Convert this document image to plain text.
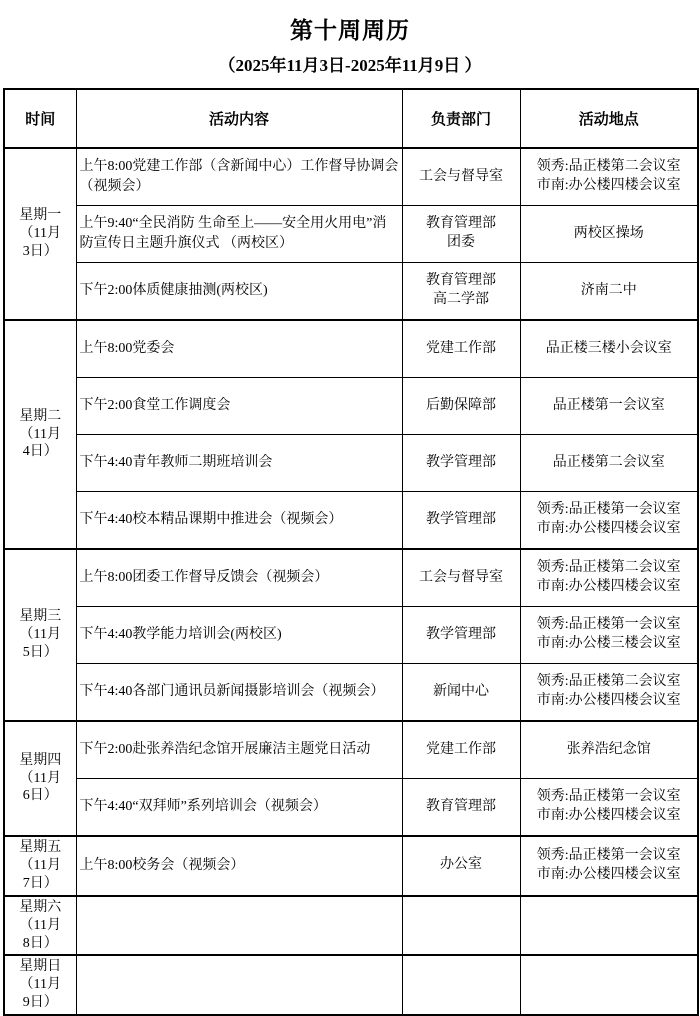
第十周周历
（2025年11月3日-2025年11月9日 ）
时间	活动内容	负责部门	活动地点

星期一
（11月
3日）	上午8:00党建工作部（含新闻中心）工作督导协调会（视频会）	工会与督导室	领秀:品正楼第二会议室
市南:办公楼四楼会议室

	上午9:40“全民消防 生命至上——安全用火用电”消防宣传日主题升旗仪式 （两校区）	教育管理部
团委	两校区操场

	下午2:00体质健康抽测(两校区)	教育管理部
高二学部	济南二中

星期二
（11月
4日）	上午8:00党委会	党建工作部	品正楼三楼小会议室

	下午2:00食堂工作调度会	后勤保障部	品正楼第一会议室

	下午4:40青年教师二期班培训会	教学管理部	品正楼第二会议室

	下午4:40校本精品课期中推进会（视频会）	教学管理部	领秀:品正楼第一会议室
市南:办公楼四楼会议室

星期三
（11月
5日）	上午8:00团委工作督导反馈会（视频会）	工会与督导室	领秀:品正楼第二会议室
市南:办公楼四楼会议室

	下午4:40教学能力培训会(两校区)	教学管理部	领秀:品正楼第一会议室
市南:办公楼三楼会议室

	下午4:40各部门通讯员新闻摄影培训会（视频会）	新闻中心	领秀:品正楼第二会议室
市南:办公楼四楼会议室

星期四
（11月
6日）	下午2:00赴张养浩纪念馆开展廉洁主题党日活动	党建工作部	张养浩纪念馆

	下午4:40“双拜师”系列培训会（视频会）	教育管理部	领秀:品正楼第一会议室
市南:办公楼四楼会议室

星期五
（11月
7日）	上午8:00校务会（视频会）	办公室	领秀:品正楼第一会议室
市南:办公楼四楼会议室

星期六
（11月
8日）			

星期日
（11月
9日）			
